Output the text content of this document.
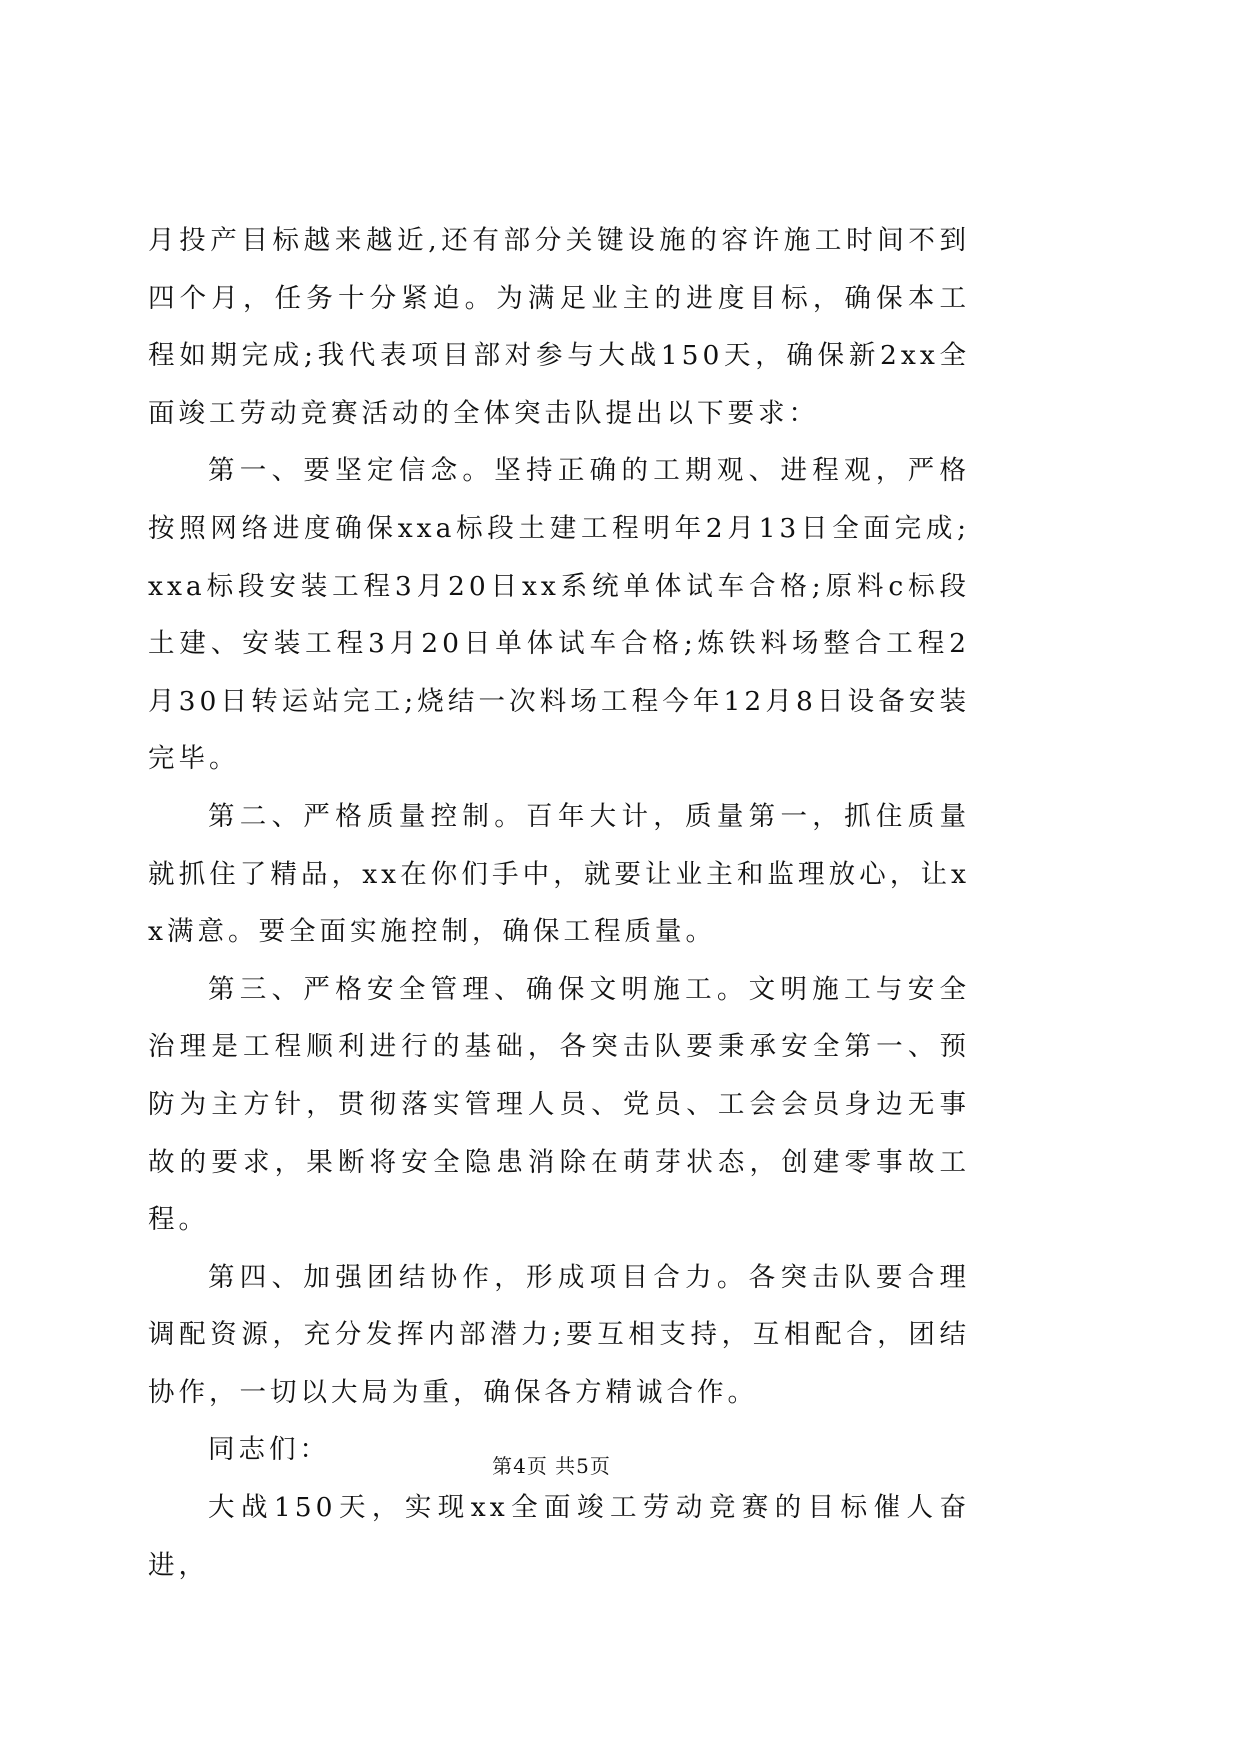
月投产目标越来越近,还有部分关键设施的容许施工时间不到四个月，任务十分紧迫。为满足业主的进度目标，确保本工程如期完成;我代表项目部对参与大战150天，确保新2xx全面竣工劳动竞赛活动的全体突击队提出以下要求：

第一、要坚定信念。坚持正确的工期观、进程观，严格按照网络进度确保xxa标段土建工程明年2月13日全面完成;xxa标段安装工程3月20日xx系统单体试车合格;原料c标段土建、安装工程3月20日单体试车合格;炼铁料场整合工程2月30日转运站完工;烧结一次料场工程今年12月8日设备安装完毕。

第二、严格质量控制。百年大计，质量第一，抓住质量就抓住了精品，xx在你们手中，就要让业主和监理放心，让xx满意。要全面实施控制，确保工程质量。

第三、严格安全管理、确保文明施工。文明施工与安全治理是工程顺利进行的基础，各突击队要秉承安全第一、预防为主方针，贯彻落实管理人员、党员、工会会员身边无事故的要求，果断将安全隐患消除在萌芽状态，创建零事故工程。

第四、加强团结协作，形成项目合力。各突击队要合理调配资源，充分发挥内部潜力;要互相支持，互相配合，团结协作，一切以大局为重，确保各方精诚合作。

同志们：

大战150天，实现xx全面竣工劳动竞赛的目标催人奋进，

第4页 共5页
